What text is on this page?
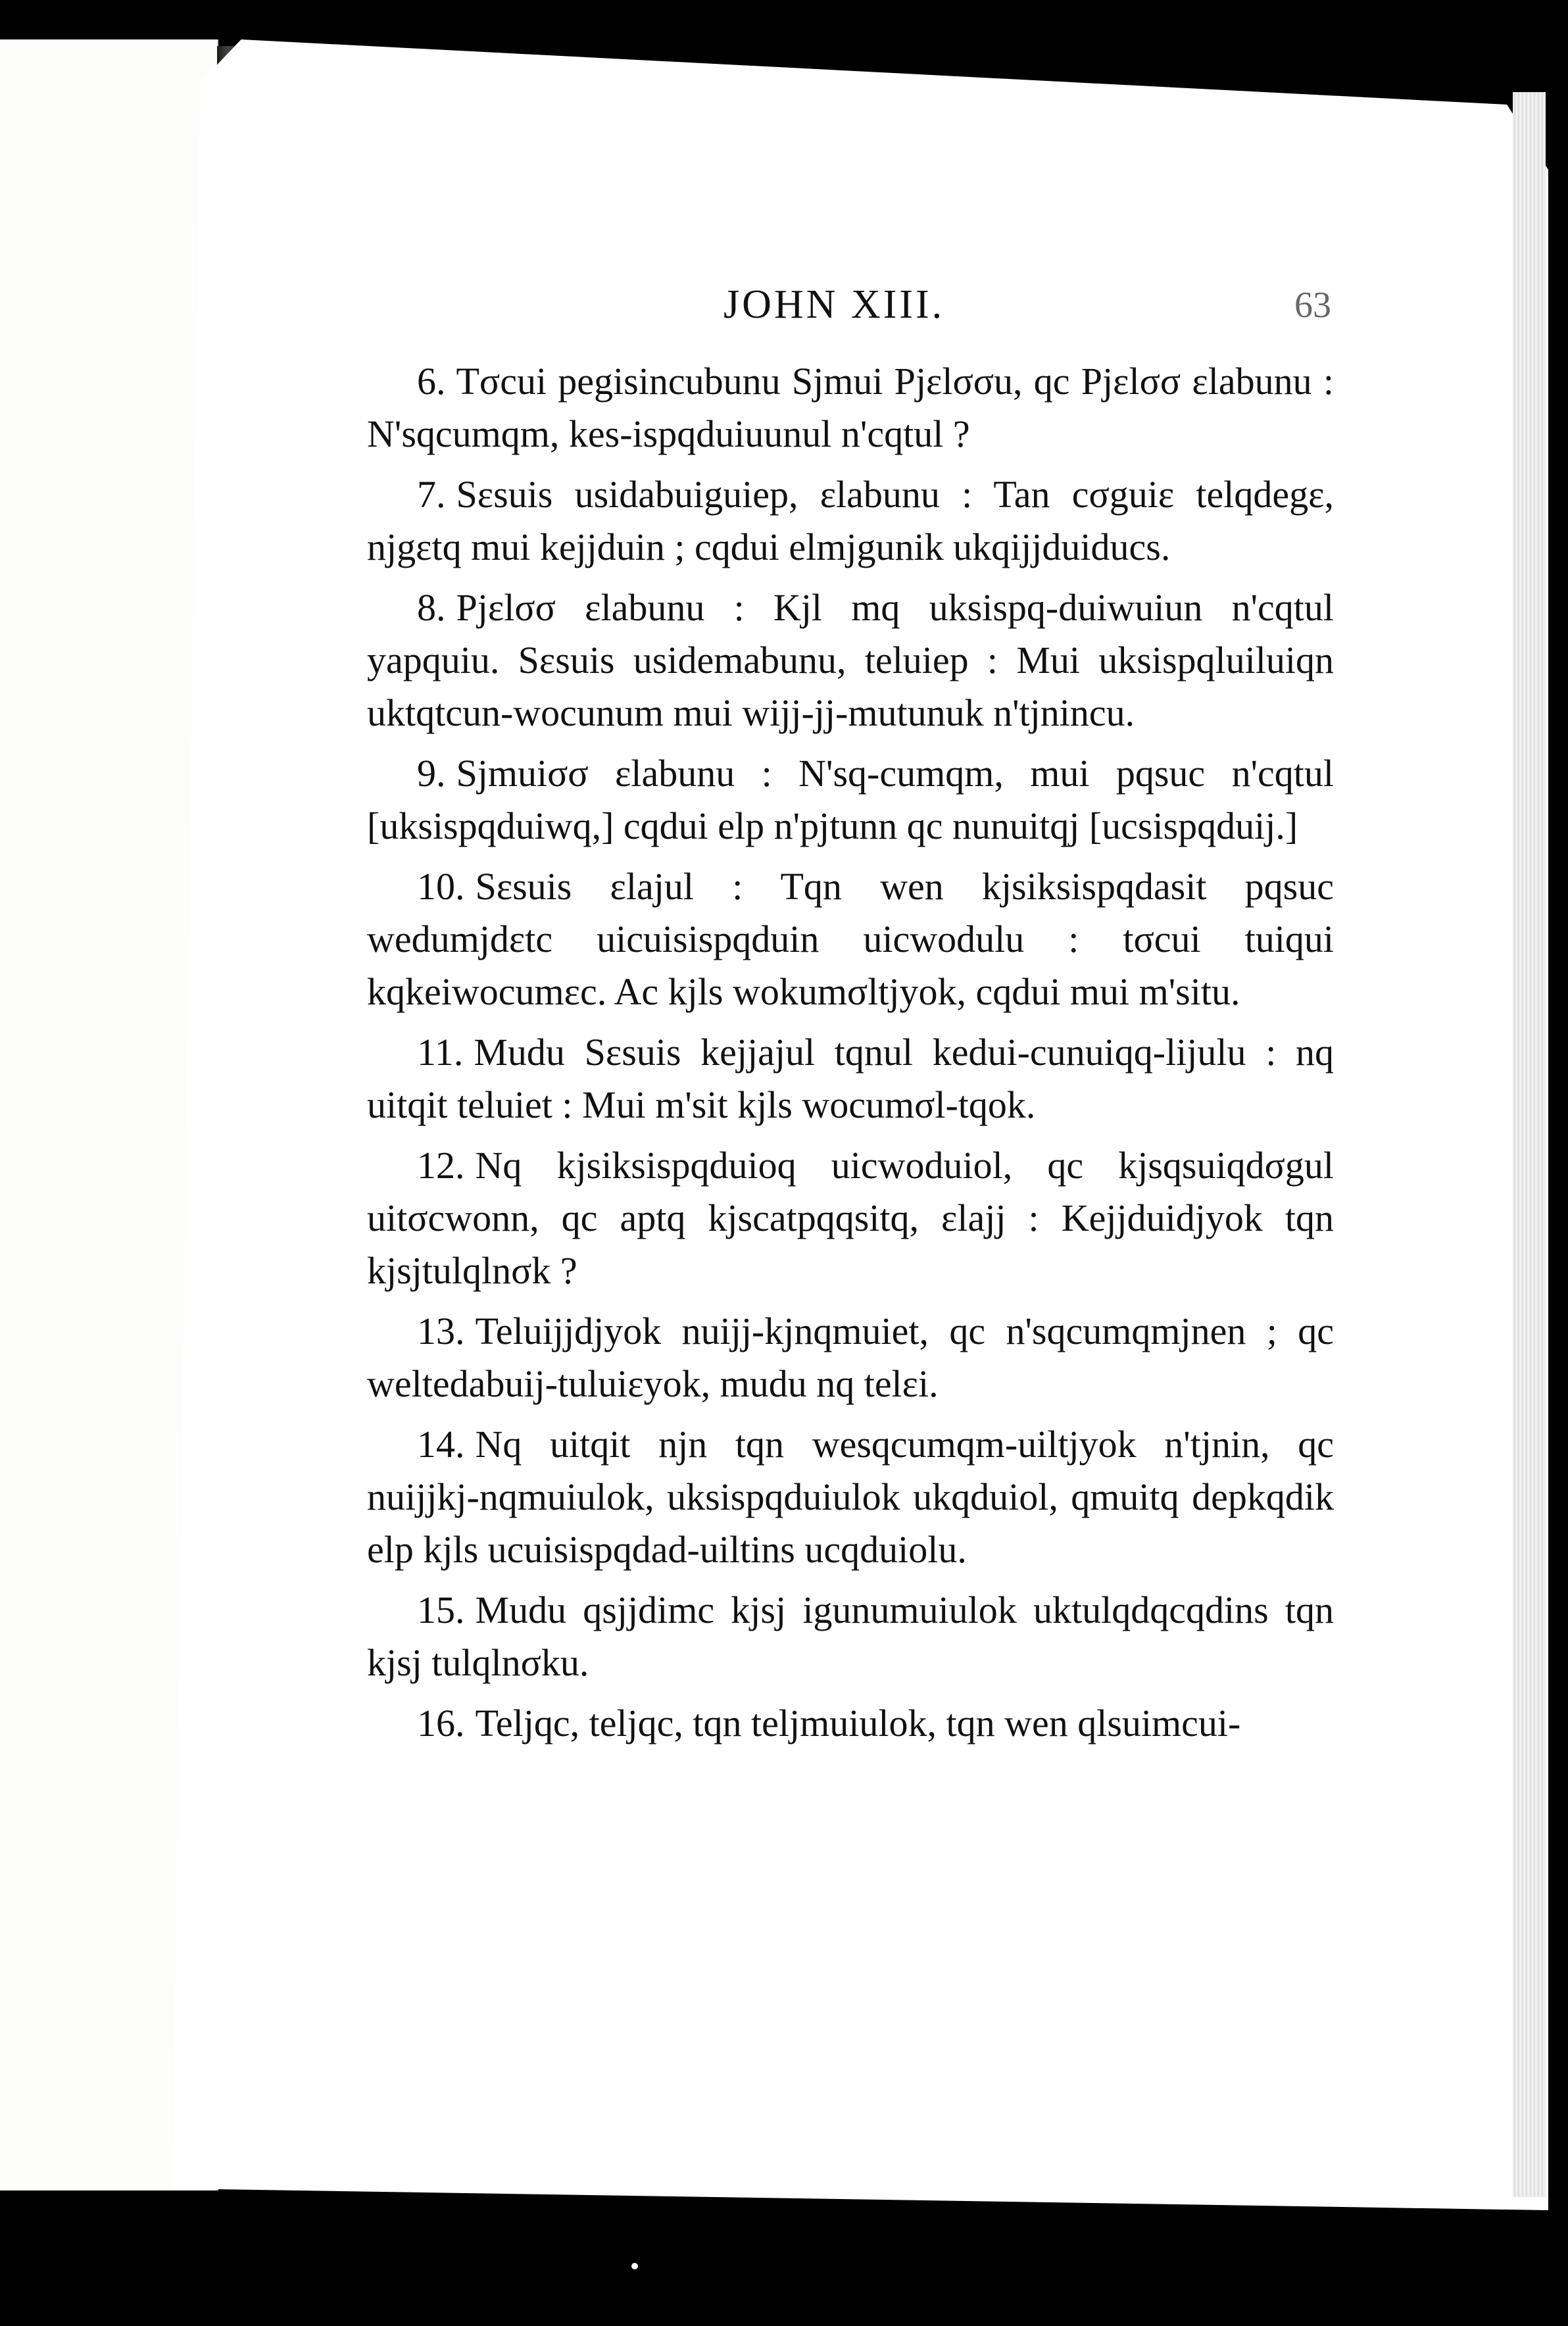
kes-
qdui
tqn
JOHN XIII.	63

6. Tσcui pegisincubunu Sjmui Pjεlσσu, qc Pjεlσσ εlabunu : N'sqcumqm, kes-ispqduiuunul n'cqtul ?

7. Sεsuis usidabuiguiep, εlabunu : Tan cσguiε telqdegε, njgεtq mui kejjduin ; cqdui elmjgunik ukqijjduiducs.

8. Pjεlσσ εlabunu : Kjl mq uksispq-duiwuiun n'cqtul yapquiu. Sεsuis usidemabunu, teluiep : Mui uksispqluiluiqn uktqtcun-wocunum mui wijj-jj-mutunuk n'tjnincu.

9. Sjmuiσσ εlabunu : N'sq-cumqm, mui pqsuc n'cqtul [uksispqduiwq,] cqdui elp n'pjtunn qc nunuitqj [ucsispqduij.]

10. Sεsuis εlajul : Tqn wen kjsiksispqdasit pqsuc wedumjdεtc uicuisispqduin uicwodulu : tσcui tuiqui kqkeiwocumεc. Ac kjls wokumσltjyok, cqdui mui m'situ.

11. Mudu Sεsuis kejjajul tqnul kedui-cunuiqq-lijulu : nq uitqit teluiet : Mui m'sit kjls wocumσl-tqok.

12. Nq kjsiksispqduioq uicwoduiol, qc kjsqsuiqdσgul uitσcwonn, qc aptq kjscatpqqsitq, εlajj : Kejjduidjyok tqn kjsjtulqlnσk ?

13. Teluijjdjyok nuijj-kjnqmuiet, qc n'sqcumqmjnen ; qc weltedabuij-tuluiεyok, mudu nq telεi.

14. Nq uitqit njn tqn wesqcumqm-uiltjyok n'tjnin, qc nuijjkj-nqmuiulok, uksispqduiulok ukqduiol, qmuitq depkqdik elp kjls ucuisispqdad-uiltins ucqduiolu.

15. Mudu qsjjdimc kjsj igunumuiulok uktulqdqcqdins tqn kjsj tulqlnσku.

16. Teljqc, teljqc, tqn teljmuiulok, tqn wen qlsuimcui-
